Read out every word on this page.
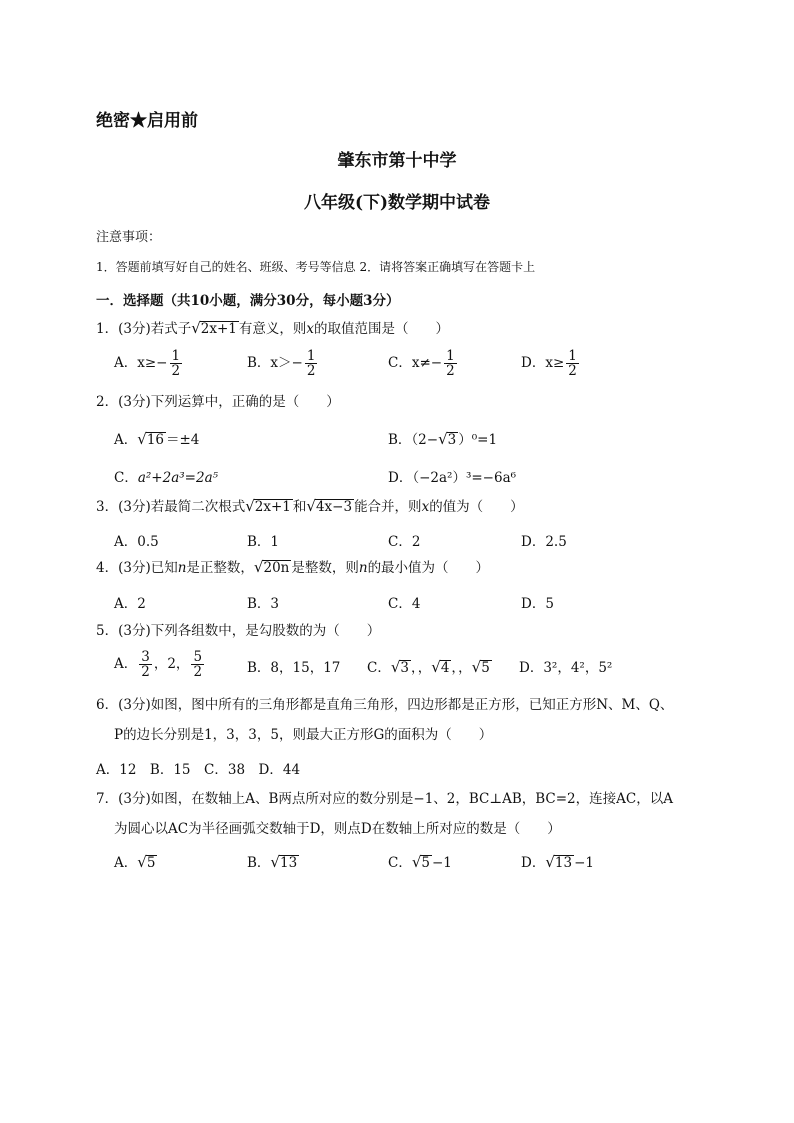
绝密★启用前
肇东市第十中学
八年级(下)数学期中试卷
注意事项：
1．答题前填写好自己的姓名、班级、考号等信息 2．请将答案正确填写在答题卡上
一．选择题（共10小题，满分30分，每小题3分）
1．(3分)若式子√2x+1 有意义，则x的取值范围是（　　）
A．$x\ge- \frac{1}{2}$	B．$x>- \frac{1}{2}$	C．$x\ne- \frac{1}{2}$	D．$x\ge \frac{1}{2}$
2．(3分)下列运算中，正确的是（　　）
A．√16 ＝±4	B．（2−√3 ）⁰=1
C．a²+2a³=2a⁵	D．（−2a²）³=−6a⁶
3．(3分)若最简二次根式√2x+1 和√4x−3 能合并，则x的值为（　　）
A．0.5	B．1	C．2	D．2.5
4．(3分)已知n是正整数，√20n 是整数，则n的最小值为（　　）
A．2	B．3	C．4	D．5
5．(3分)下列各组数中，是勾股数的为（　　）
A． $\frac{3}{2}$ ，2， $\frac{5}{2}$	B．8，15，17 C．√3 ，，√4 ，，√5 D．3²，4²，5²
6．(3分)如图，图中所有的三角形都是直角三角形，四边形都是正方形，已知正方形N、M、Q、
P的边长分别是1，3，3，5，则最大正方形G的面积为（　　）
A．12　B．15　C．38　D．44
7．(3分)如图，在数轴上A、B两点所对应的数分别是−1、2，BC⊥AB，BC=2，连接AC，以A
为圆心以AC为半径画弧交数轴于D，则点D在数轴上所对应的数是（　　）
A．√5	B．√13	C．√5 −1	D．√13 −1
